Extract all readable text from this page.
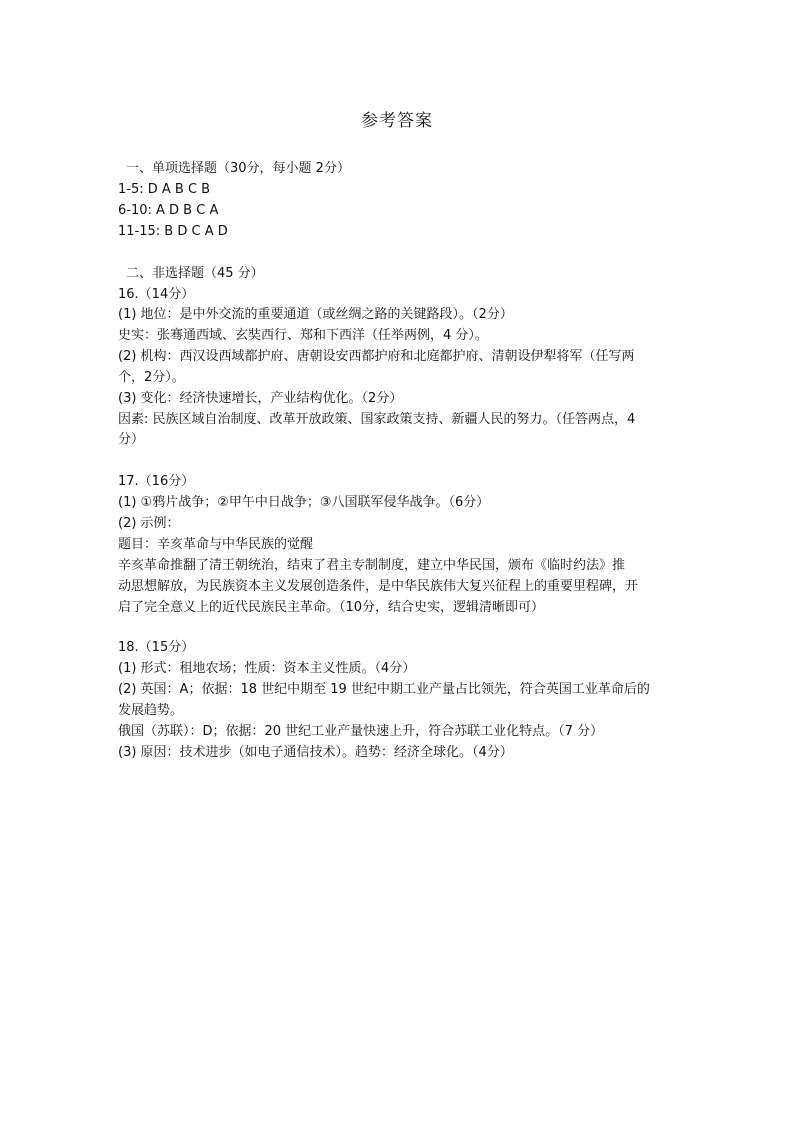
参考答案
一、单项选择题（30分，每小题 2分）
1-5: D A B C B
6-10: A D B C A
11-15: B D C A D
二、非选择题（45 分）
16.（14分）
(1) 地位：是中外交流的重要通道（或丝绸之路的关键路段）。（2分）
史实：张骞通西域、玄奘西行、郑和下西洋（任举两例，4 分）。
(2) 机构：西汉设西域都护府、唐朝设安西都护府和北庭都护府、清朝设伊犁将军（任写两
个，2分）。
(3) 变化：经济快速增长，产业结构优化。（2分）
因素: 民族区域自治制度、改革开放政策、国家政策支持、新疆人民的努力。（任答两点，4
分）
17.（16分）
(1) ①鸦片战争；②甲午中日战争；③八国联军侵华战争。（6分）
(2) 示例：
题目：辛亥革命与中华民族的觉醒
辛亥革命推翻了清王朝统治，结束了君主专制制度，建立中华民国，颁布《临时约法》推
动思想解放，为民族资本主义发展创造条件，是中华民族伟大复兴征程上的重要里程碑，开
启了完全意义上的近代民族民主革命。（10分，结合史实，逻辑清晰即可）
18.（15分）
(1) 形式：租地农场；性质：资本主义性质。（4分）
(2) 英国：A；依据：18 世纪中期至 19 世纪中期工业产量占比领先，符合英国工业革命后的
发展趋势。
俄国（苏联）：D；依据：20 世纪工业产量快速上升，符合苏联工业化特点。（7 分）
(3) 原因：技术进步（如电子通信技术）。趋势：经济全球化。（4分）
